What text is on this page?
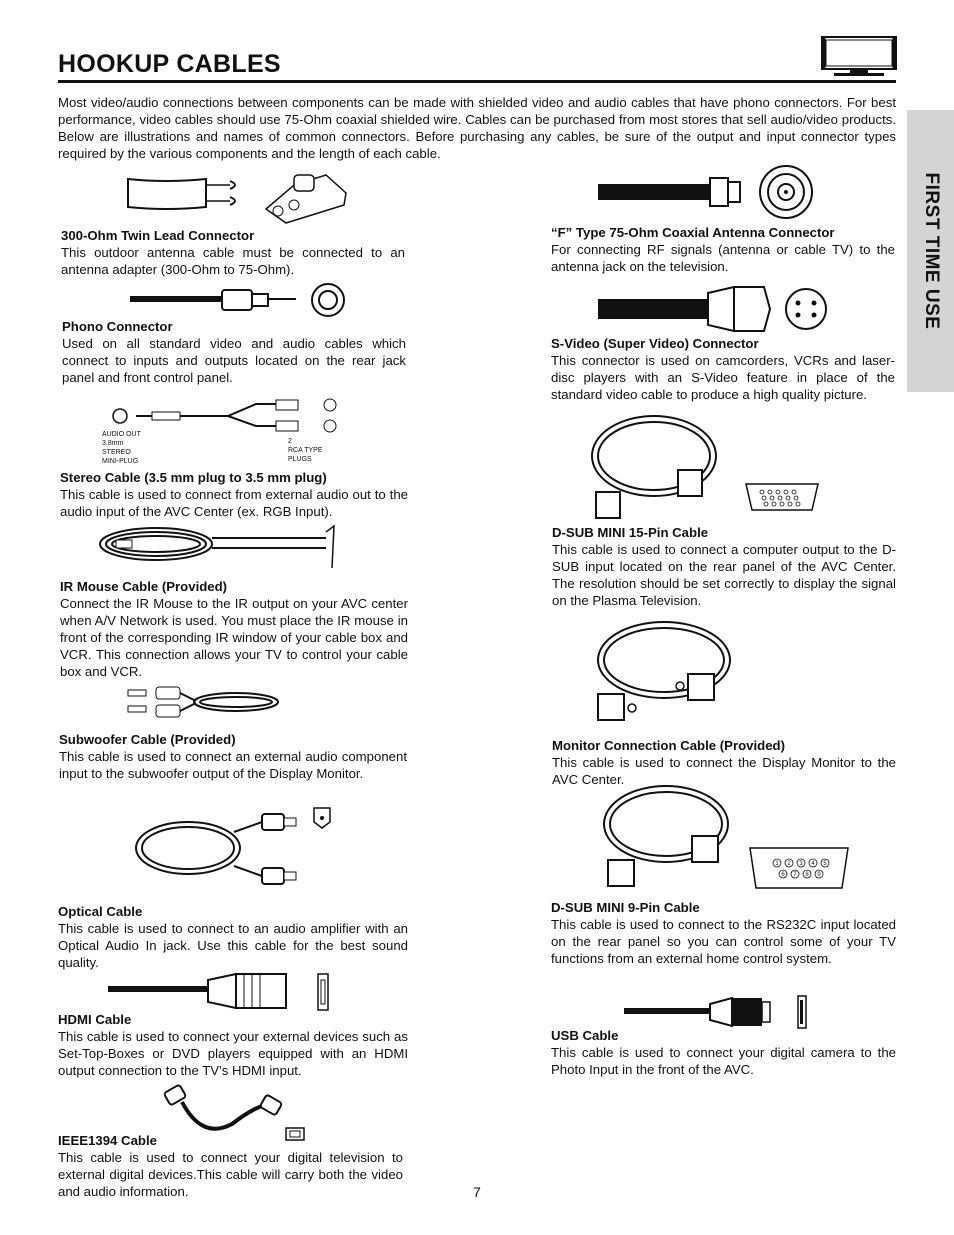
HOOKUP CABLES
FIRST TIME USE
Most video/audio connections between components can be made with shielded video and audio cables that have phono connectors. For best performance, video cables should use 75-Ohm coaxial shielded wire. Cables can be purchased from most stores that sell audio/video products. Below are illustrations and names of common connectors. Before purchasing any cables, be sure of the output and input connector types required by the various components and the length of each cable.
300-Ohm Twin Lead Connector
This outdoor antenna cable must be connected to an antenna adapter (300-Ohm to 75-Ohm).
Phono Connector
Used on all standard video and audio cables which connect to inputs and outputs located on the rear jack panel and front control panel.
AUDIO OUT
3.8mm
STEREO
MINI-PLUG
2
RCA TYPE
PLUGS
Stereo Cable (3.5 mm plug to 3.5 mm plug)
This cable is used to connect from external audio out to the audio input of the AVC Center (ex. RGB Input).
IR Mouse Cable (Provided)
Connect the IR Mouse to the IR output on your AVC center when A/V Network is used. You must place the IR mouse in front of the corresponding IR window of your cable box and VCR. This connection allows your TV to control your cable box and VCR.
Subwoofer Cable (Provided)
This cable is used to connect an external audio component input to the subwoofer output of the Display Monitor.
Optical Cable
This cable is used to connect to an audio amplifier with an Optical Audio In jack. Use this cable for the best sound quality.
HDMI Cable
This cable is used to connect your external devices such as Set-Top-Boxes or DVD players equipped with an HDMI output connection to the TV’s HDMI input.
IEEE1394 Cable
This cable is used to connect your digital television to external digital devices.This cable will carry both the video and audio information.
“F” Type 75-Ohm Coaxial Antenna Connector
For connecting RF signals (antenna or cable TV) to the antenna jack on the television.
S-Video (Super Video) Connector
This connector is used on camcorders, VCRs and laser-disc players with an S-Video feature in place of the standard video cable to produce a high quality picture.
D-SUB MINI 15-Pin Cable
This cable is used to connect a computer output to the D-SUB input located on the rear panel of the AVC Center. The resolution should be set correctly to display the signal on the Plasma Television.
Monitor Connection Cable (Provided)
This cable is used to connect the Display Monitor to the AVC Center.
1 2 3 4 5
6 7 8 9
D-SUB MINI 9-Pin Cable
This cable is used to connect to the RS232C input located on the rear panel so you can control some of your TV functions from an external home control system.
USB Cable
This cable is used to connect your digital camera to the Photo Input in the front of the AVC.
7
